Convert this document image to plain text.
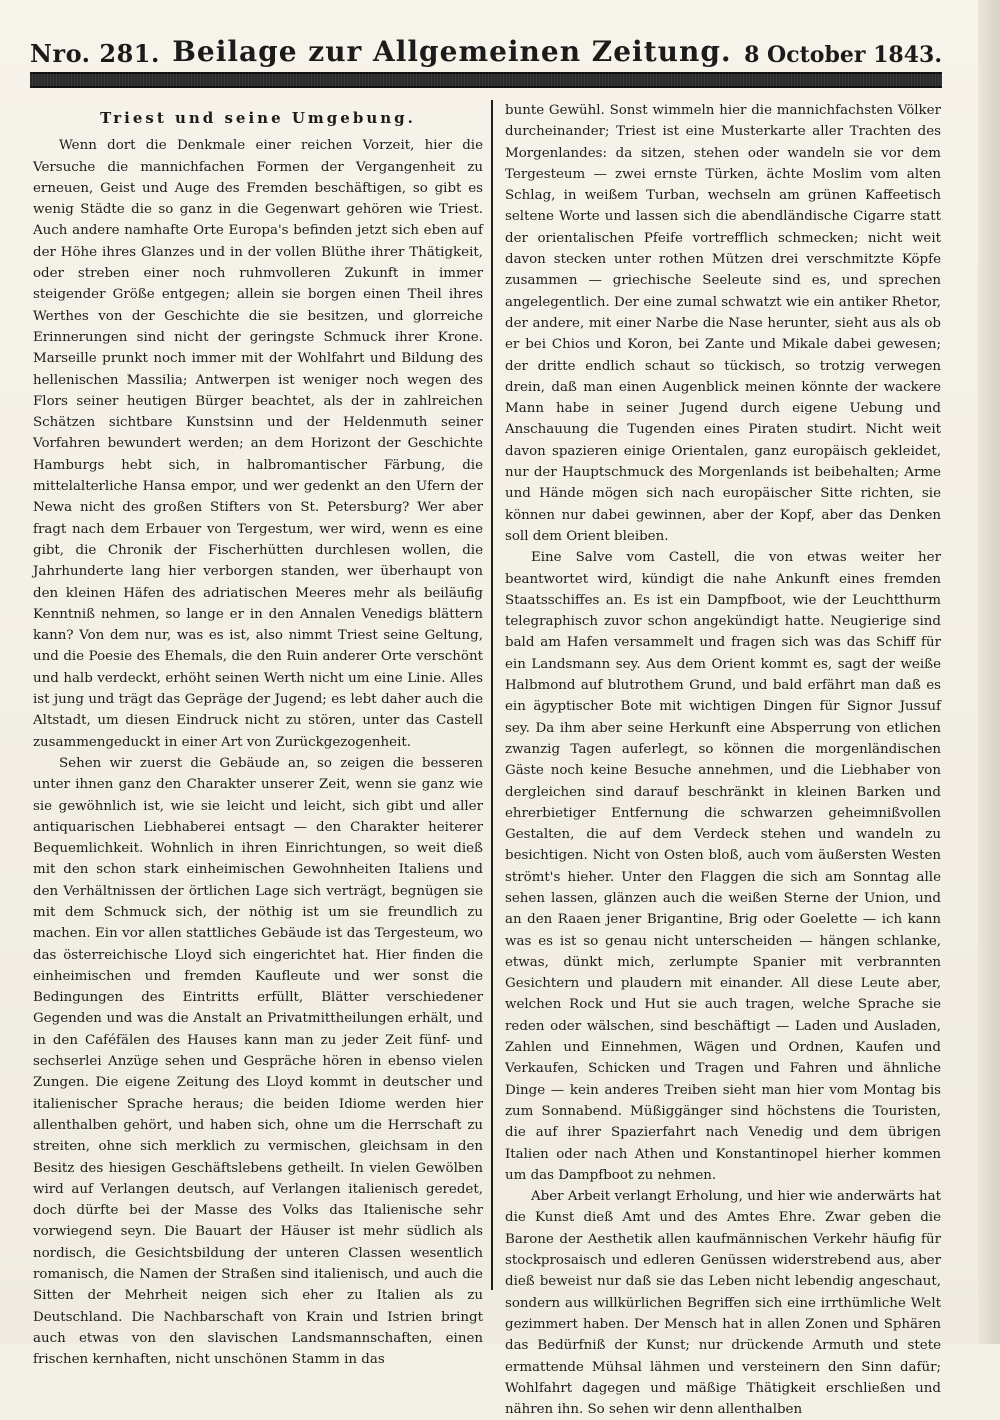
Nro. 281. Beilage zur Allgemeinen Zeitung. 8 October 1843.
Triest und seine Umgebung.

Wenn dort die Denkmale einer reichen Vorzeit, hier die Versuche die mannichfachen Formen der Vergangenheit zu erneuen, Geist und Auge des Fremden beschäftigen, so gibt es wenig Städte die so ganz in die Gegenwart gehören wie Triest. Auch andere namhafte Orte Europa's befinden jetzt sich eben auf der Höhe ihres Glanzes und in der vollen Blüthe ihrer Thätigkeit, oder streben einer noch ruhmvolleren Zukunft in immer steigender Größe entgegen; allein sie borgen einen Theil ihres Werthes von der Geschichte die sie besitzen, und glorreiche Erinnerungen sind nicht der geringste Schmuck ihrer Krone. Marseille prunkt noch immer mit der Wohlfahrt und Bildung des hellenischen Massilia; Antwerpen ist weniger noch wegen des Flors seiner heutigen Bürger beachtet, als der in zahlreichen Schätzen sichtbare Kunstsinn und der Heldenmuth seiner Vorfahren bewundert werden; an dem Horizont der Geschichte Hamburgs hebt sich, in halbromantischer Färbung, die mittelalterliche Hansa empor, und wer gedenkt an den Ufern der Newa nicht des großen Stifters von St. Petersburg? Wer aber fragt nach dem Erbauer von Tergestum, wer wird, wenn es eine gibt, die Chronik der Fischerhütten durchlesen wollen, die Jahrhunderte lang hier verborgen standen, wer überhaupt von den kleinen Häfen des adriatischen Meeres mehr als beiläufig Kenntniß nehmen, so lange er in den Annalen Venedigs blättern kann? Von dem nur, was es ist, also nimmt Triest seine Geltung, und die Poesie des Ehemals, die den Ruin anderer Orte verschönt und halb verdeckt, erhöht seinen Werth nicht um eine Linie. Alles ist jung und trägt das Gepräge der Jugend; es lebt daher auch die Altstadt, um diesen Eindruck nicht zu stören, unter das Castell zusammengeduckt in einer Art von Zurückgezogenheit.

Sehen wir zuerst die Gebäude an, so zeigen die besseren unter ihnen ganz den Charakter unserer Zeit, wenn sie ganz wie sie gewöhnlich ist, wie sie leicht und leicht, sich gibt und aller antiquarischen Liebhaberei entsagt — den Charakter heiterer Bequemlichkeit. Wohnlich in ihren Einrichtungen, so weit dieß mit den schon stark einheimischen Gewohnheiten Italiens und den Verhältnissen der örtlichen Lage sich verträgt, begnügen sie mit dem Schmuck sich, der nöthig ist um sie freundlich zu machen. Ein vor allen stattliches Gebäude ist das Tergesteum, wo das österreichische Lloyd sich eingerichtet hat. Hier finden die einheimischen und fremden Kaufleute und wer sonst die Bedingungen des Eintritts erfüllt, Blätter verschiedener Gegenden und was die Anstalt an Privatmittheilungen erhält, und in den Caféfälen des Hauses kann man zu jeder Zeit fünf- und sechserlei Anzüge sehen und Gespräche hören in ebenso vielen Zungen. Die eigene Zeitung des Lloyd kommt in deutscher und italienischer Sprache heraus; die beiden Idiome werden hier allenthalben gehört, und haben sich, ohne um die Herrschaft zu streiten, ohne sich merklich zu vermischen, gleichsam in den Besitz des hiesigen Geschäftslebens getheilt. In vielen Gewölben wird auf Verlangen deutsch, auf Verlangen italienisch geredet, doch dürfte bei der Masse des Volks das Italienische sehr vorwiegend seyn. Die Bauart der Häuser ist mehr südlich als nordisch, die Gesichtsbildung der unteren Classen wesentlich romanisch, die Namen der Straßen sind italienisch, und auch die Sitten der Mehrheit neigen sich eher zu Italien als zu Deutschland. Die Nachbarschaft von Krain und Istrien bringt auch etwas von den slavischen Landsmannschaften, einen frischen kernhaften, nicht unschönen Stamm in das

bunte Gewühl. Sonst wimmeln hier die mannichfachsten Völker durcheinander; Triest ist eine Musterkarte aller Trachten des Morgenlandes: da sitzen, stehen oder wandeln sie vor dem Tergesteum — zwei ernste Türken, ächte Moslim vom alten Schlag, in weißem Turban, wechseln am grünen Kaffeetisch seltene Worte und lassen sich die abendländische Cigarre statt der orientalischen Pfeife vortrefflich schmecken; nicht weit davon stecken unter rothen Mützen drei verschmitzte Köpfe zusammen — griechische Seeleute sind es, und sprechen angelegentlich. Der eine zumal schwatzt wie ein antiker Rhetor, der andere, mit einer Narbe die Nase herunter, sieht aus als ob er bei Chios und Koron, bei Zante und Mikale dabei gewesen; der dritte endlich schaut so tückisch, so trotzig verwegen drein, daß man einen Augenblick meinen könnte der wackere Mann habe in seiner Jugend durch eigene Uebung und Anschauung die Tugenden eines Piraten studirt. Nicht weit davon spazieren einige Orientalen, ganz europäisch gekleidet, nur der Hauptschmuck des Morgenlands ist beibehalten; Arme und Hände mögen sich nach europäischer Sitte richten, sie können nur dabei gewinnen, aber der Kopf, aber das Denken soll dem Orient bleiben.

Eine Salve vom Castell, die von etwas weiter her beantwortet wird, kündigt die nahe Ankunft eines fremden Staatsschiffes an. Es ist ein Dampfboot, wie der Leuchtthurm telegraphisch zuvor schon angekündigt hatte. Neugierige sind bald am Hafen versammelt und fragen sich was das Schiff für ein Landsmann sey. Aus dem Orient kommt es, sagt der weiße Halbmond auf blutrothem Grund, und bald erfährt man daß es ein ägyptischer Bote mit wichtigen Dingen für Signor Jussuf sey. Da ihm aber seine Herkunft eine Absperrung von etlichen zwanzig Tagen auferlegt, so können die morgenländischen Gäste noch keine Besuche annehmen, und die Liebhaber von dergleichen sind darauf beschränkt in kleinen Barken und ehrerbietiger Entfernung die schwarzen geheimnißvollen Gestalten, die auf dem Verdeck stehen und wandeln zu besichtigen. Nicht von Osten bloß, auch vom äußersten Westen strömt's hieher. Unter den Flaggen die sich am Sonntag alle sehen lassen, glänzen auch die weißen Sterne der Union, und an den Raaen jener Brigantine, Brig oder Goelette — ich kann was es ist so genau nicht unterscheiden — hängen schlanke, etwas, dünkt mich, zerlumpte Spanier mit verbrannten Gesichtern und plaudern mit einander. All diese Leute aber, welchen Rock und Hut sie auch tragen, welche Sprache sie reden oder wälschen, sind beschäftigt — Laden und Ausladen, Zahlen und Einnehmen, Wägen und Ordnen, Kaufen und Verkaufen, Schicken und Tragen und Fahren und ähnliche Dinge — kein anderes Treiben sieht man hier vom Montag bis zum Sonnabend. Müßiggänger sind höchstens die Touristen, die auf ihrer Spazierfahrt nach Venedig und dem übrigen Italien oder nach Athen und Konstantinopel hierher kommen um das Dampfboot zu nehmen.

Aber Arbeit verlangt Erholung, und hier wie anderwärts hat die Kunst dieß Amt und des Amtes Ehre. Zwar geben die Barone der Aesthetik allen kaufmännischen Verkehr häufig für stockprosaisch und edleren Genüssen widerstrebend aus, aber dieß beweist nur daß sie das Leben nicht lebendig angeschaut, sondern aus willkürlichen Begriffen sich eine irrthümliche Welt gezimmert haben. Der Mensch hat in allen Zonen und Sphären das Bedürfniß der Kunst; nur drückende Armuth und stete ermattende Mühsal lähmen und versteinern den Sinn dafür; Wohlfahrt dagegen und mäßige Thätigkeit erschließen und nähren ihn. So sehen wir denn allenthalben
